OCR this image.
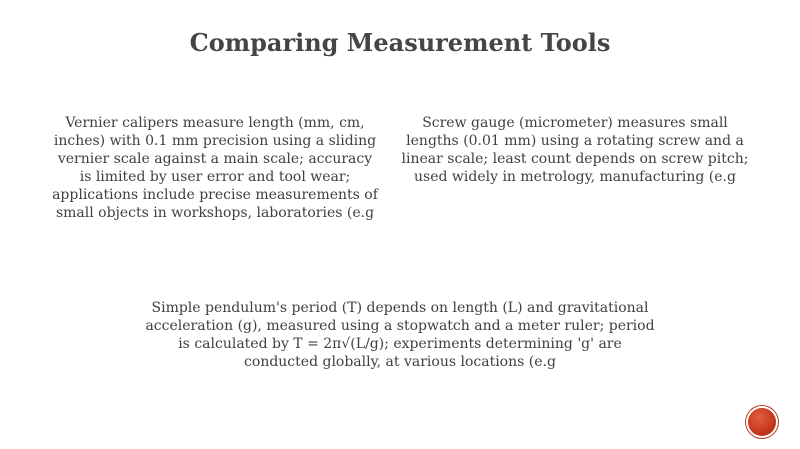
Comparing Measurement Tools
Vernier calipers measure length (mm, cm, inches) with 0.1 mm precision using a sliding vernier scale against a main scale; accuracy is limited by user error and tool wear; applications include precise measurements of small objects in workshops, laboratories (e.g
Screw gauge (micrometer) measures small lengths (0.01 mm) using a rotating screw and a linear scale; least count depends on screw pitch; used widely in metrology, manufacturing (e.g
Simple pendulum's period (T) depends on length (L) and gravitational acceleration (g), measured using a stopwatch and a meter ruler; period is calculated by T = 2π√(L/g); experiments determining 'g' are conducted globally, at various locations (e.g
